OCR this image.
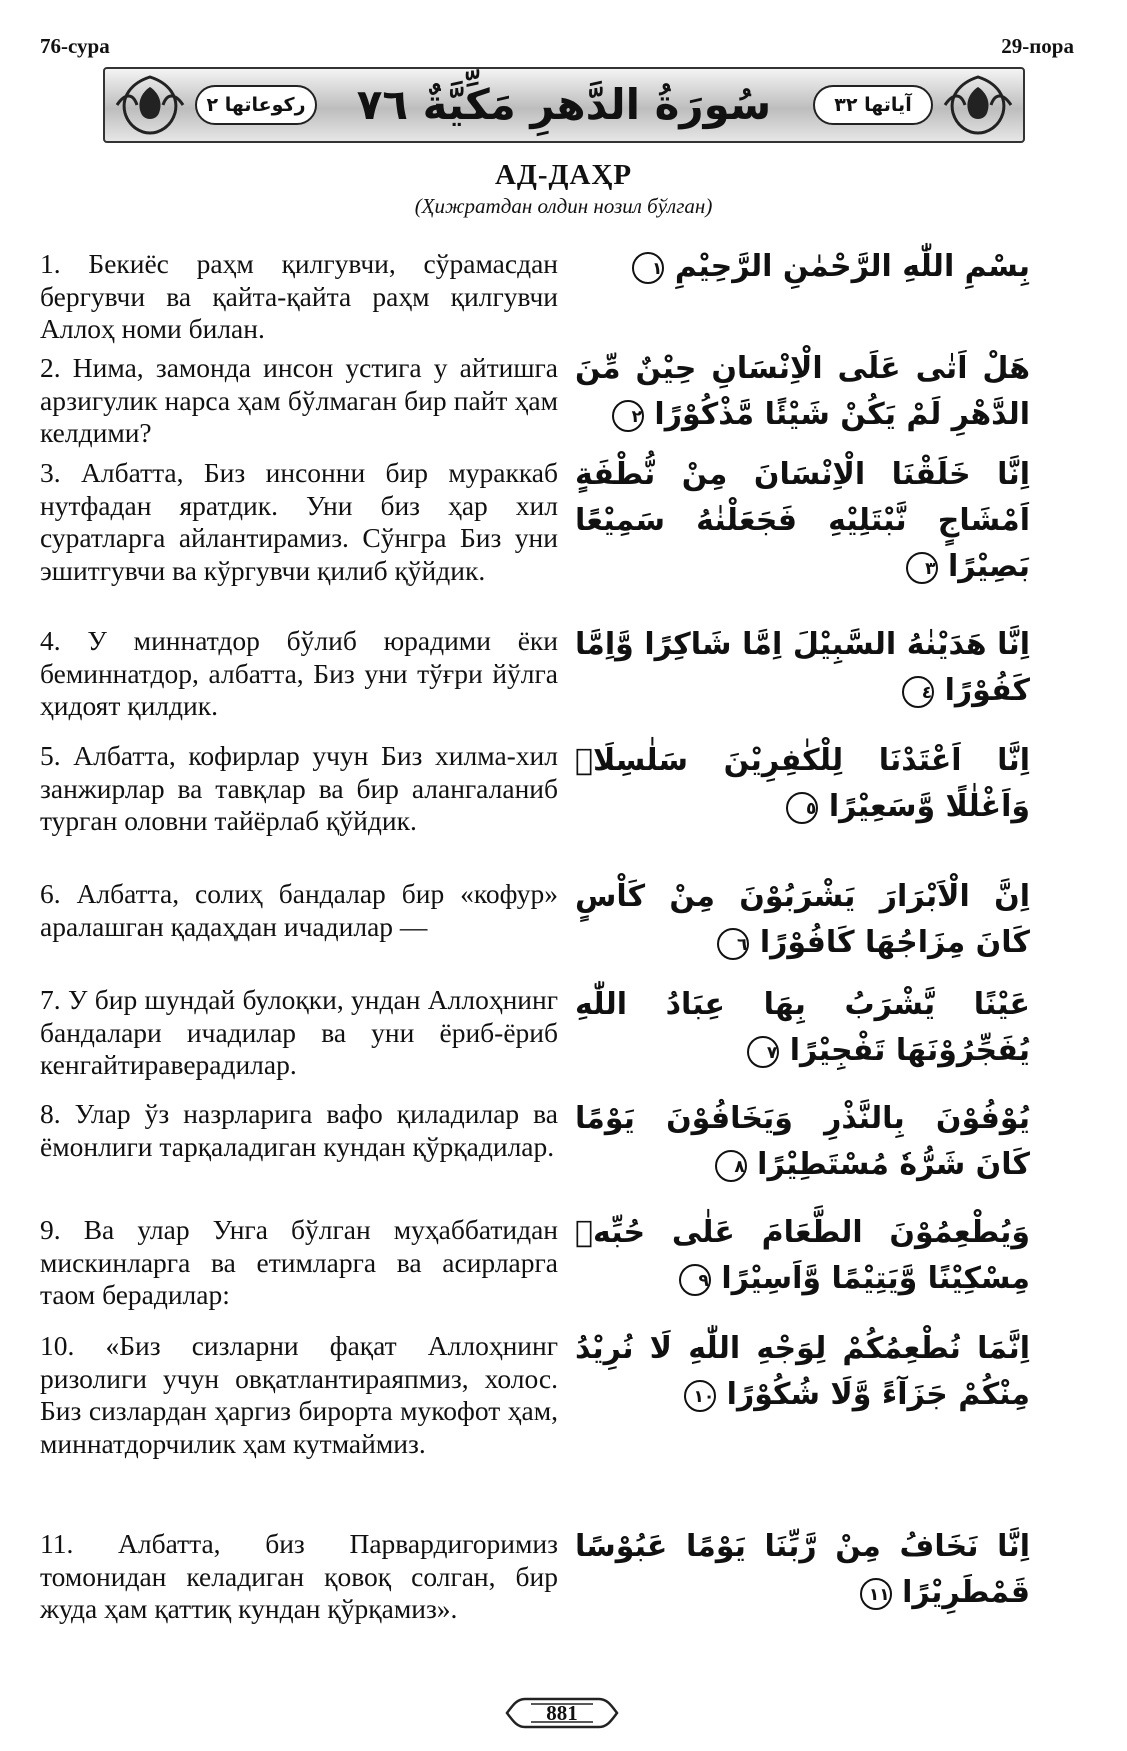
76-сура	29-пора
ركوعاتها ٢	سُورَةُ الدَّهرِ مَكِّيَّةٌ ٧٦	آياتها ٣٢
АД-ДАҲР
(Ҳижратдан олдин нозил бўлган)
1. Бекиёс раҳм қилгувчи, сўрамасдан бергувчи ва қайта-қайта раҳм қилгувчи Аллоҳ номи билан.
بِسْمِ اللّٰهِ الرَّحْمٰنِ الرَّحِيْمِ ١
2. Нима, замонда инсон устига у айтишга арзигулик нарса ҳам бўлмаган бир пайт ҳам келдими?
هَلْ اَتٰى عَلَى الْاِنْسَانِ حِيْنٌ مِّنَ الدَّهْرِ لَمْ يَكُنْ شَيْئًا مَّذْكُوْرًا ٢
3. Албатта, Биз инсонни бир мураккаб нутфадан яратдик. Уни биз ҳар хил суратларга айлантирамиз. Сўнгра Биз уни эшитгувчи ва кўргувчи қилиб қўйдик.
اِنَّا خَلَقْنَا الْاِنْسَانَ مِنْ نُّطْفَةٍ اَمْشَاجٍ نَّبْتَلِيْهِ فَجَعَلْنٰهُ سَمِيْعًا بَصِيْرًا ٣
4. У миннатдор бўлиб юрадими ёки беминнатдор, албатта, Биз уни тўғри йўлга ҳидоят қилдик.
اِنَّا هَدَيْنٰهُ السَّبِيْلَ اِمَّا شَاكِرًا وَّاِمَّا كَفُوْرًا ٤
5. Албатта, кофирлар учун Биз хилма-хил занжирлар ва тавқлар ва бир алангаланиб турган оловни тайёрлаб қўйдик.
اِنَّا اَعْتَدْنَا لِلْكٰفِرِيْنَ سَلٰسِلَاۡ وَاَغْلٰلًا وَّسَعِيْرًا ٥
6. Албатта, солиҳ бандалар бир «кофур» аралашган қадаҳдан ичадилар —
اِنَّ الْاَبْرَارَ يَشْرَبُوْنَ مِنْ كَاْسٍ كَانَ مِزَاجُهَا كَافُوْرًا ٦
7. У бир шундай булоқки, ундан Аллоҳнинг бандалари ичадилар ва уни ёриб-ёриб кенгайтираверадилар.
عَيْنًا يَّشْرَبُ بِهَا عِبَادُ اللّٰهِ يُفَجِّرُوْنَهَا تَفْجِيْرًا ٧
8. Улар ўз назрларига вафо қиладилар ва ёмонлиги тарқаладиган кундан қўрқадилар.
يُوْفُوْنَ بِالنَّذْرِ وَيَخَافُوْنَ يَوْمًا كَانَ شَرُّهٗ مُسْتَطِيْرًا ٨
9. Ва улар Унга бўлган муҳаббатидан мискинларга ва етимларга ва асирларга таом берадилар:
وَيُطْعِمُوْنَ الطَّعَامَ عَلٰى حُبِّهٖ مِسْكِيْنًا وَّيَتِيْمًا وَّاَسِيْرًا ٩
10. «Биз сизларни фақат Аллоҳнинг ризолиги учун овқатлантираяпмиз, холос. Биз сизлардан ҳаргиз бирорта мукофот ҳам, миннатдорчилик ҳам кутмаймиз.
اِنَّمَا نُطْعِمُكُمْ لِوَجْهِ اللّٰهِ لَا نُرِيْدُ مِنْكُمْ جَزَآءً وَّلَا شُكُوْرًا ١٠
11. Албатта, биз Парвардигоримиз томонидан келадиган қовоқ солган, бир жуда ҳам қаттиқ кундан қўрқамиз».
اِنَّا نَخَافُ مِنْ رَّبِّنَا يَوْمًا عَبُوْسًا قَمْطَرِيْرًا ١١
881
